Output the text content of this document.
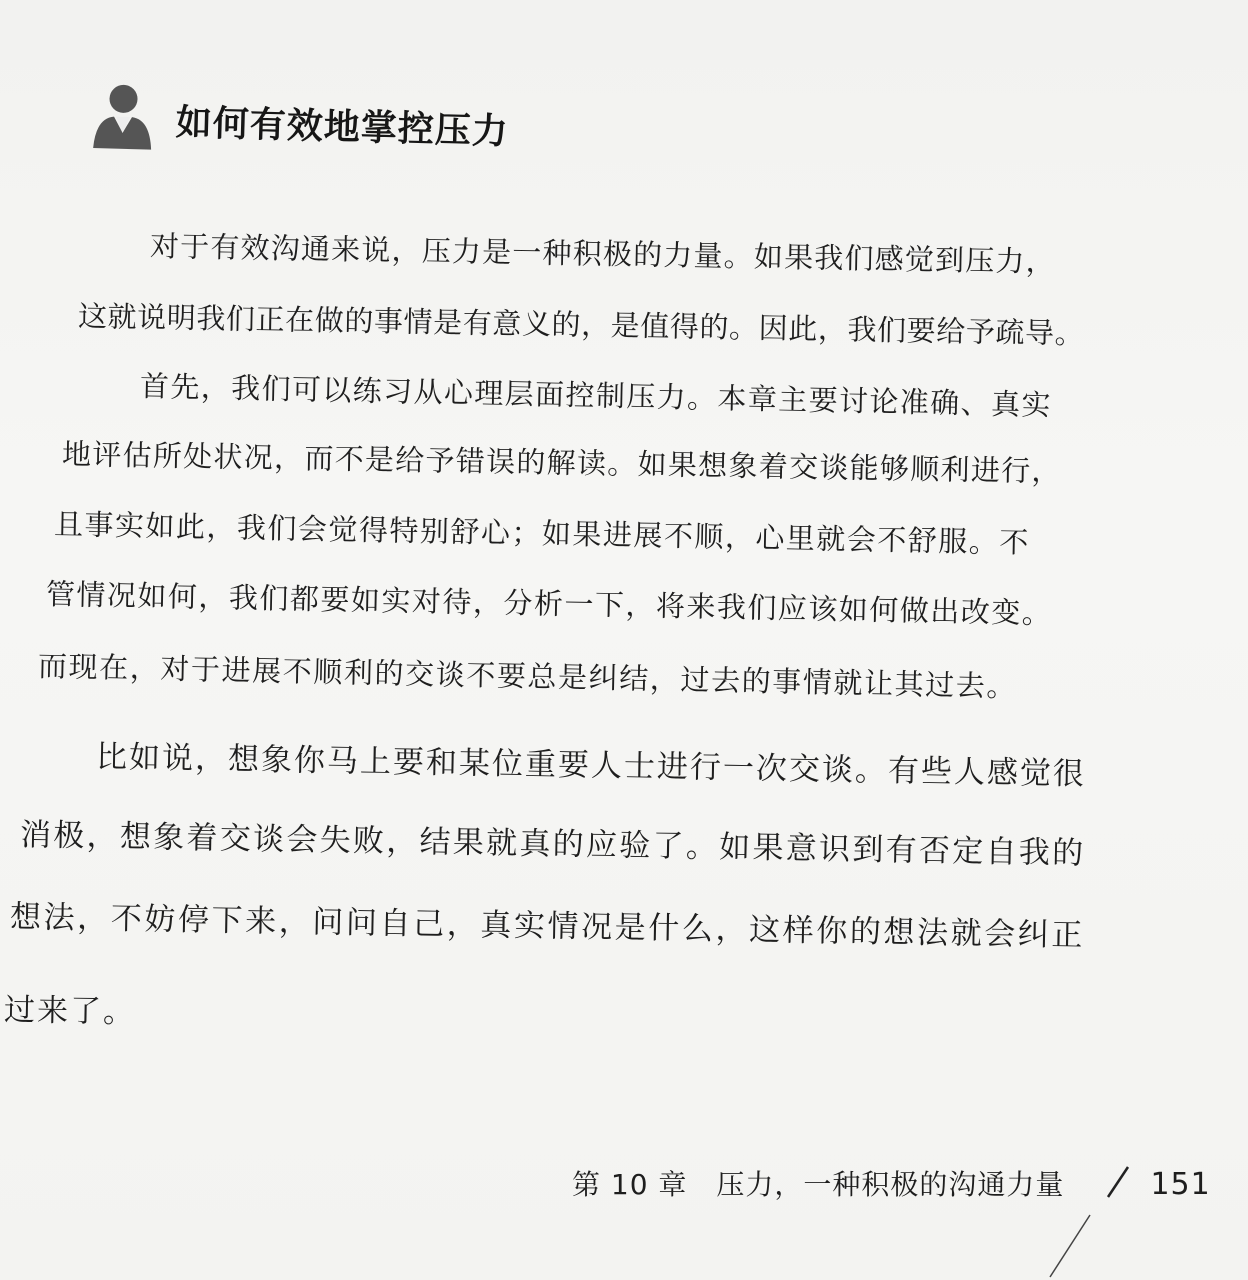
如何有效地掌控压力
对于有效沟通来说，压力是一种积极的力量。如果我们感觉到压力，
这就说明我们正在做的事情是有意义的，是值得的。因此，我们要给予疏导。
首先，我们可以练习从心理层面控制压力。本章主要讨论准确、真实
地评估所处状况，而不是给予错误的解读。如果想象着交谈能够顺利进行，
且事实如此，我们会觉得特别舒心；如果进展不顺，心里就会不舒服。不
管情况如何，我们都要如实对待，分析一下，将来我们应该如何做出改变。
而现在，对于进展不顺利的交谈不要总是纠结，过去的事情就让其过去。
比如说，想象你马上要和某位重要人士进行一次交谈。有些人感觉很
消极，想象着交谈会失败，结果就真的应验了。如果意识到有否定自我的
想法，不妨停下来，问问自己，真实情况是什么，这样你的想法就会纠正
过来了。
第 10 章　压力，一种积极的沟通力量	151
